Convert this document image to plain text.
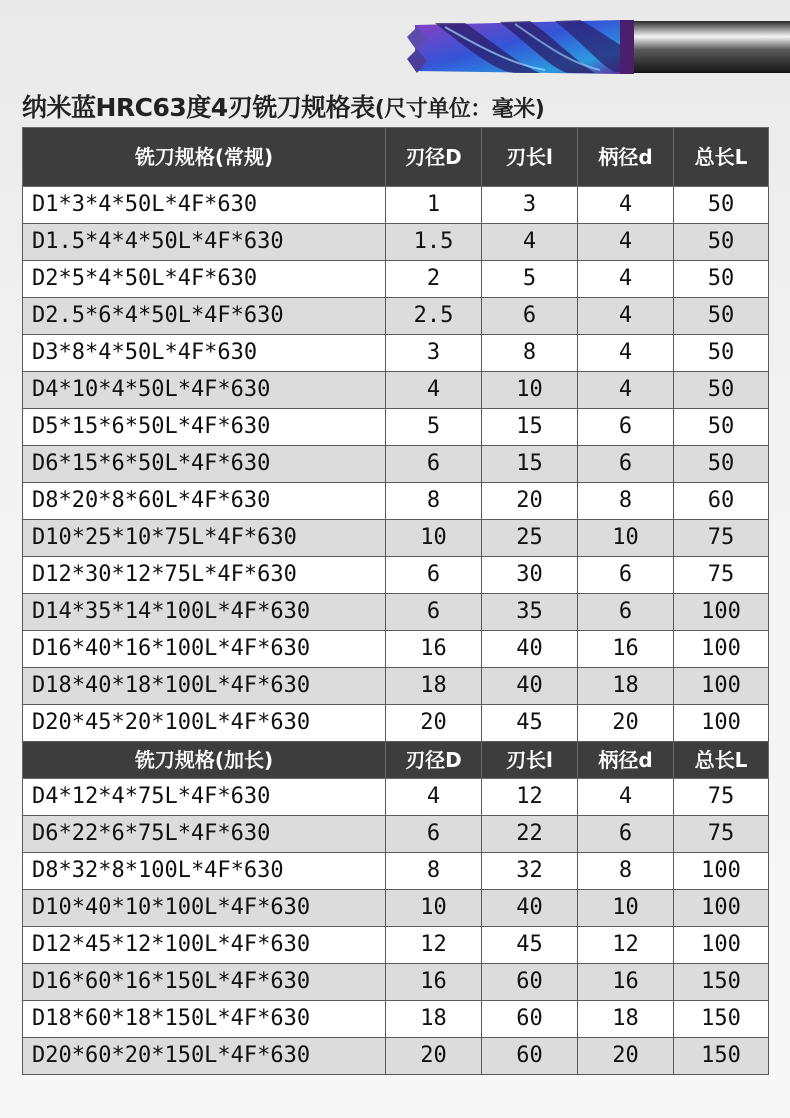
纳米蓝HRC63度4刃铣刀规格表(尺寸单位：毫米)
铣刀规格(常规)	刃径D	刃长l	柄径d	总长L
D1*3*4*50L*4F*630	1	3	4	50
D1.5*4*4*50L*4F*630	1.5	4	4	50
D2*5*4*50L*4F*630	2	5	4	50
D2.5*6*4*50L*4F*630	2.5	6	4	50
D3*8*4*50L*4F*630	3	8	4	50
D4*10*4*50L*4F*630	4	10	4	50
D5*15*6*50L*4F*630	5	15	6	50
D6*15*6*50L*4F*630	6	15	6	50
D8*20*8*60L*4F*630	8	20	8	60
D10*25*10*75L*4F*630	10	25	10	75
D12*30*12*75L*4F*630	6	30	6	75
D14*35*14*100L*4F*630	6	35	6	100
D16*40*16*100L*4F*630	16	40	16	100
D18*40*18*100L*4F*630	18	40	18	100
D20*45*20*100L*4F*630	20	45	20	100
铣刀规格(加长)	刃径D	刃长l	柄径d	总长L
D4*12*4*75L*4F*630	4	12	4	75
D6*22*6*75L*4F*630	6	22	6	75
D8*32*8*100L*4F*630	8	32	8	100
D10*40*10*100L*4F*630	10	40	10	100
D12*45*12*100L*4F*630	12	45	12	100
D16*60*16*150L*4F*630	16	60	16	150
D18*60*18*150L*4F*630	18	60	18	150
D20*60*20*150L*4F*630	20	60	20	150
